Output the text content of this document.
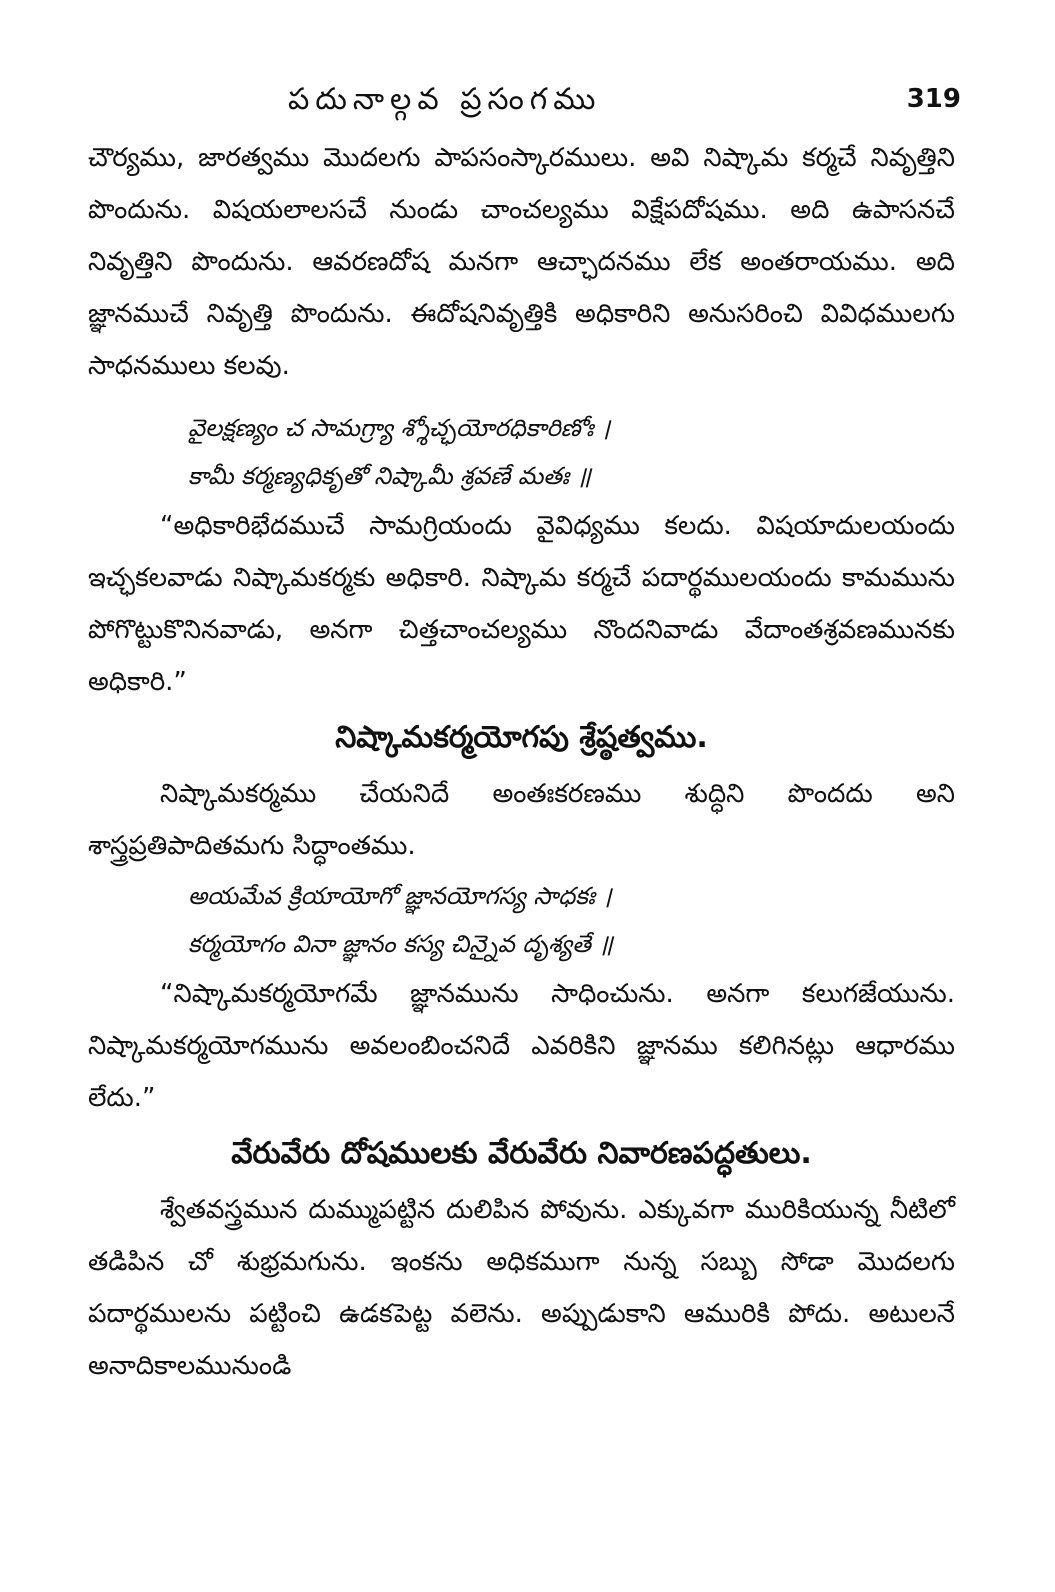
పదునాల్గవ ప్రసంగము	319

చౌర్యము, జారత్వము మొదలగు పాపసంస్కారములు. అవి నిష్కామ కర్మచే నివృత్తిని పొందును. విషయలాలసచే నుండు చాంచల్యము విక్షేపదోషము. అది ఉపాసనచే నివృత్తిని పొందును. ఆవరణదోష మనగా ఆచ్ఛాదనము లేక అంతరాయము. అది జ్ఞానముచే నివృత్తి పొందును. ఈదోషనివృత్తికి అధికారిని అనుసరించి వివిధములగు సాధనములు కలవు.

వైలక్షణ్యం చ సామగ్ర్యా శ్శోచ్ఛయోరధికారిణోః ।

కామీ కర్మణ్యధికృతో నిష్కామీ శ్రవణే మతః ॥

“అధికారిభేదముచే సామగ్రియందు వైవిధ్యము కలదు. విషయాదులయందు ఇచ్ఛకలవాడు నిష్కామకర్మకు అధికారి. నిష్కామ కర్మచే పదార్థములయందు కామమును పోగొట్టుకొనినవాడు, అనగా చిత్తచాంచల్యము నొందనివాడు వేదాంతశ్రవణమునకు అధికారి.”

నిష్కామకర్మయోగపు శ్రేష్ఠత్వము.

నిష్కామకర్మము చేయనిదే అంతఃకరణము శుద్ధిని పొందదు అని శాస్త్రప్రతిపాదితమగు సిద్ధాంతము.

అయమేవ క్రియాయోగో జ్ఞానయోగస్య సాధకః ।

కర్మయోగం వినా జ్ఞానం కస్య చిన్నైవ దృశ్యతే ॥

“నిష్కామకర్మయోగమే జ్ఞానమును సాధించును. అనగా కలుగజేయును. నిష్కామకర్మయోగమును అవలంబించనిదే ఎవరికిని జ్ఞానము కలిగినట్లు ఆధారము లేదు.”

వేరువేరు దోషములకు వేరువేరు నివారణపద్ధతులు.

శ్వేతవస్త్రమున దుమ్ముపట్టిన దులిపిన పోవును. ఎక్కువగా మురికియున్న నీటిలో తడిపిన చో శుభ్రమగును. ఇంకను అధికముగా నున్న సబ్బు సోడా మొదలగు పదార్థములను పట్టించి ఉడకపెట్ట వలెను. అప్పుడుకాని ఆమురికి పోదు. అటులనే అనాదికాలమునుండి
